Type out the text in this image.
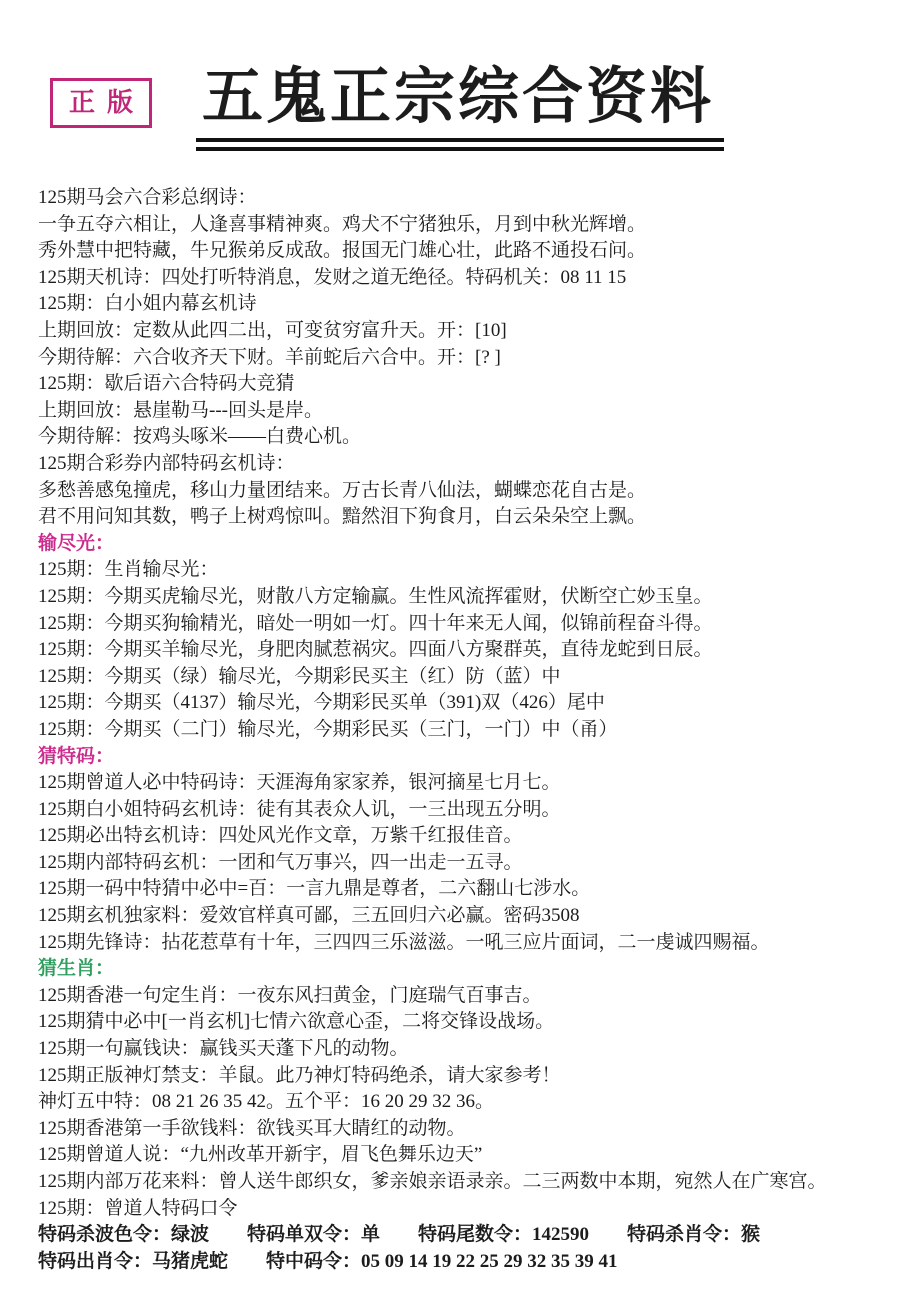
正版 五鬼正宗综合资料

125期马会六合彩总纲诗：

一争五夺六相让，人逢喜事精神爽。鸡犬不宁猪独乐，月到中秋光辉增。

秀外慧中把特藏，牛兄猴弟反成敌。报国无门雄心壮，此路不通投石问。

125期天机诗：四处打听特消息，发财之道无绝径。特码机关：08 11 15

125期：白小姐内幕玄机诗

上期回放：定数从此四二出，可变贫穷富升天。开：[10]

今期待解：六合收齐天下财。羊前蛇后六合中。开：[? ]

125期：歇后语六合特码大竞猜

上期回放：悬崖勒马---回头是岸。

今期待解：按鸡头啄米——白费心机。

125期合彩券内部特码玄机诗：

多愁善感兔撞虎，移山力量团结来。万古长青八仙法，蝴蝶恋花自古是。

君不用问知其数，鸭子上树鸡惊叫。黯然泪下狗食月，白云朵朵空上飘。

输尽光：

125期：生肖输尽光：

125期：今期买虎输尽光，财散八方定输赢。生性风流挥霍财，伏断空亡妙玉皇。

125期：今期买狗输精光，暗处一明如一灯。四十年来无人闻，似锦前程奋斗得。

125期：今期买羊输尽光，身肥肉腻惹祸灾。四面八方聚群英，直待龙蛇到日辰。

125期：今期买（绿）输尽光，今期彩民买主（红）防（蓝）中

125期：今期买（4137）输尽光，今期彩民买单（391)双（426）尾中

125期：今期买（二门）输尽光，今期彩民买（三门，一门）中（甬）

猜特码：

125期曾道人必中特码诗：天涯海角家家养，银河摘星七月七。

125期白小姐特码玄机诗：徒有其表众人讥，一三出现五分明。

125期必出特玄机诗：四处风光作文章，万紫千红报佳音。

125期内部特码玄机：一团和气万事兴，四一出走一五寻。

125期一码中特猜中必中=百：一言九鼎是尊者，二六翻山七涉水。

125期玄机独家料：爱效官样真可鄙，三五回归六必赢。密码3508

125期先锋诗：拈花惹草有十年，三四四三乐滋滋。一吼三应片面词，二一虔诚四赐福。

猜生肖：

125期香港一句定生肖：一夜东风扫黄金，门庭瑞气百事吉。

125期猜中必中[一肖玄机]七情六欲意心歪，二将交锋设战场。

125期一句赢钱诀：赢钱买天蓬下凡的动物。

125期正版神灯禁支：羊鼠。此乃神灯特码绝杀，请大家参考！

神灯五中特：08 21 26 35 42。五个平：16 20 29 32 36。

125期香港第一手欲钱料：欲钱买耳大睛红的动物。

125期曾道人说：“九州改革开新宇，眉飞色舞乐边天”

125期内部万花来料：曾人送牛郎织女，爹亲娘亲语录亲。二三两数中本期，宛然人在广寒宫。

125期：曾道人特码口令

特码杀波色令：绿波 特码单双令：单 特码尾数令：142590 特码杀肖令：猴

特码出肖令：马猪虎蛇 特中码令：05 09 14 19 22 25 29 32 35 39 41
